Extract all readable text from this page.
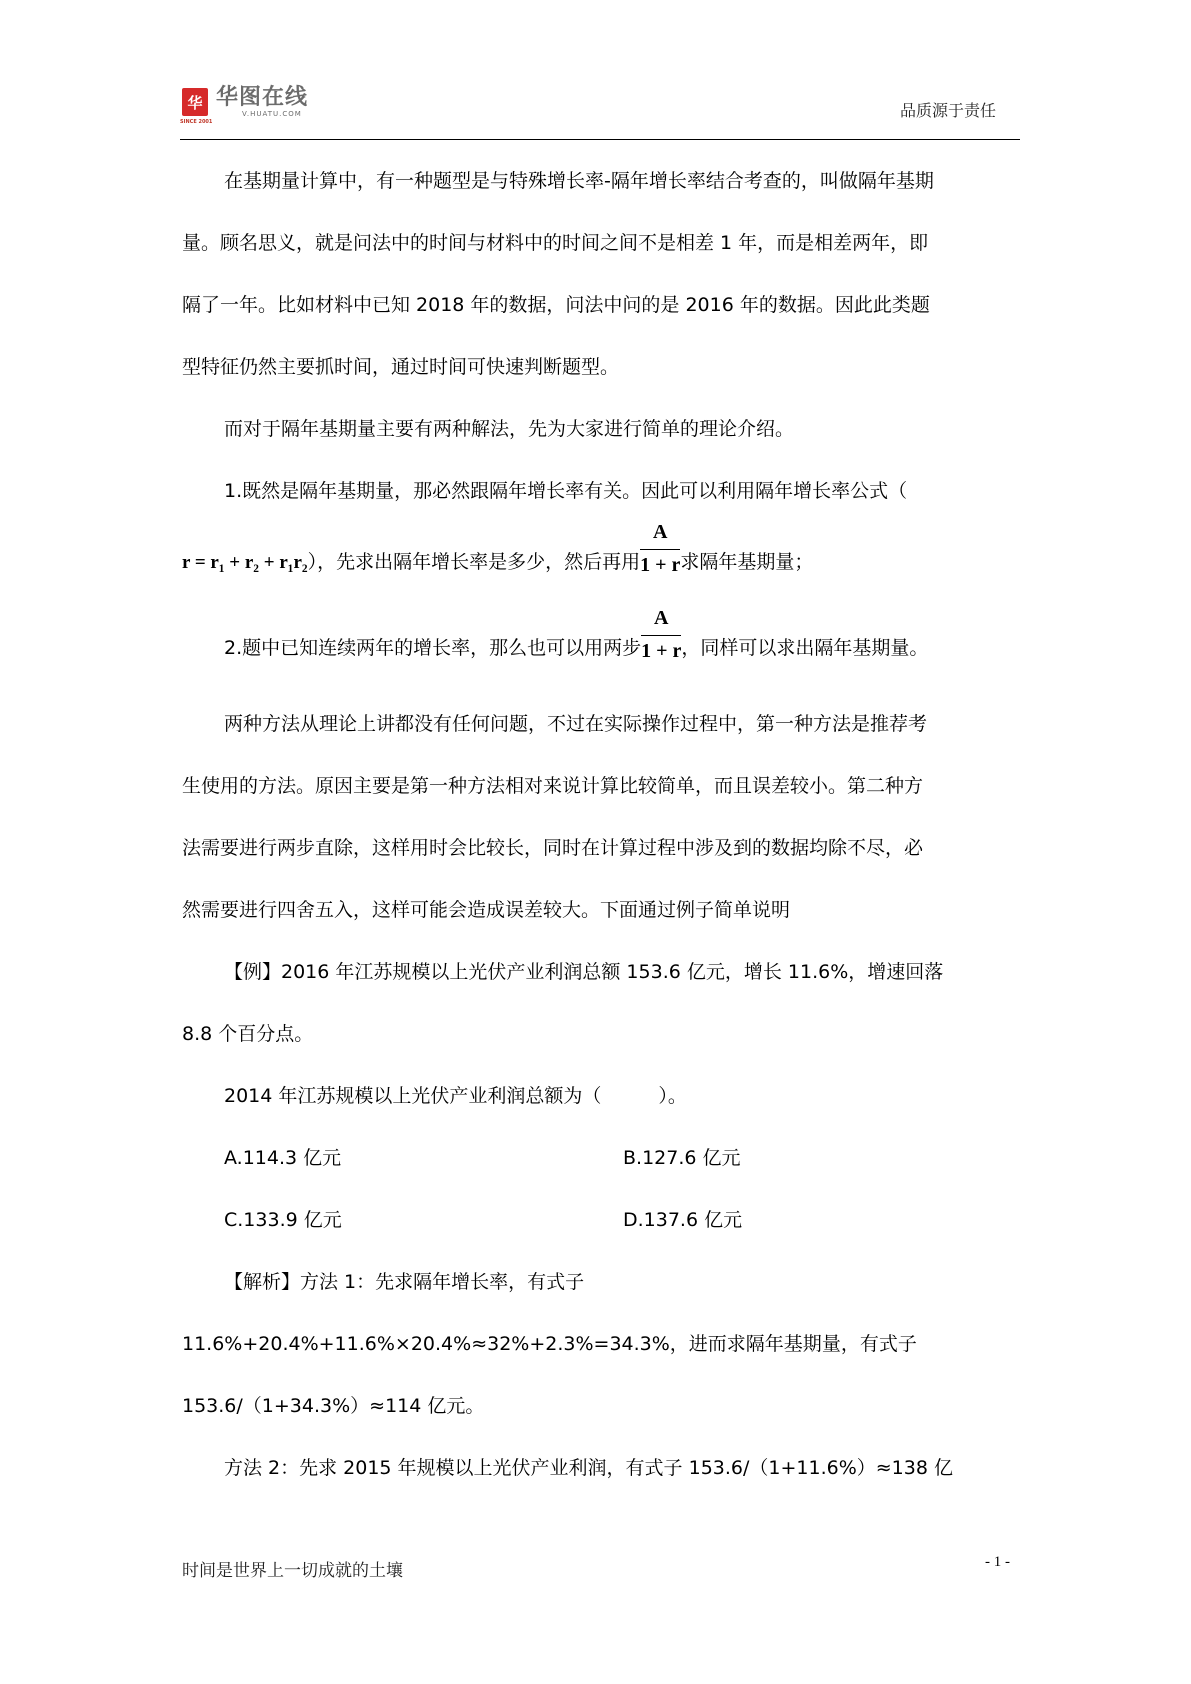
华
SINCE 2001
华图在线
V.HUATU.COM	品质源于责任

在基期量计算中，有一种题型是与特殊增长率-隔年增长率结合考查的，叫做隔年基期

量。顾名思义，就是问法中的时间与材料中的时间之间不是相差 1 年，而是相差两年，即

隔了一年。比如材料中已知 2018 年的数据，问法中问的是 2016 年的数据。因此此类题

型特征仍然主要抓时间，通过时间可快速判断题型。

而对于隔年基期量主要有两种解法，先为大家进行简单的理论介绍。

1.既然是隔年基期量，那必然跟隔年增长率有关。因此可以利用隔年增长率公式（

r = r₁ + r₂ + r₁r₂），先求出隔年增长率是多少，然后再用 $\frac{A}{1 + r}$ 求隔年基期量；

2.题中已知连续两年的增长率，那么也可以用两步 $\frac{A}{1 + r}$ ，同样可以求出隔年基期量。

两种方法从理论上讲都没有任何问题，不过在实际操作过程中，第一种方法是推荐考

生使用的方法。原因主要是第一种方法相对来说计算比较简单，而且误差较小。第二种方

法需要进行两步直除，这样用时会比较长，同时在计算过程中涉及到的数据均除不尽，必

然需要进行四舍五入，这样可能会造成误差较大。下面通过例子简单说明

【例】2016 年江苏规模以上光伏产业利润总额 153.6 亿元，增长 11.6%，增速回落

8.8 个百分点。

2014 年江苏规模以上光伏产业利润总额为（　　　）。

A.114.3 亿元	B.127.6 亿元

C.133.9 亿元	D.137.6 亿元

【解析】方法 1：先求隔年增长率，有式子

11.6%+20.4%+11.6%×20.4%≈32%+2.3%=34.3%，进而求隔年基期量，有式子

153.6/（1+34.3%）≈114 亿元。

方法 2：先求 2015 年规模以上光伏产业利润，有式子 153.6/（1+11.6%）≈138 亿

时间是世界上一切成就的土壤	- 1 -
